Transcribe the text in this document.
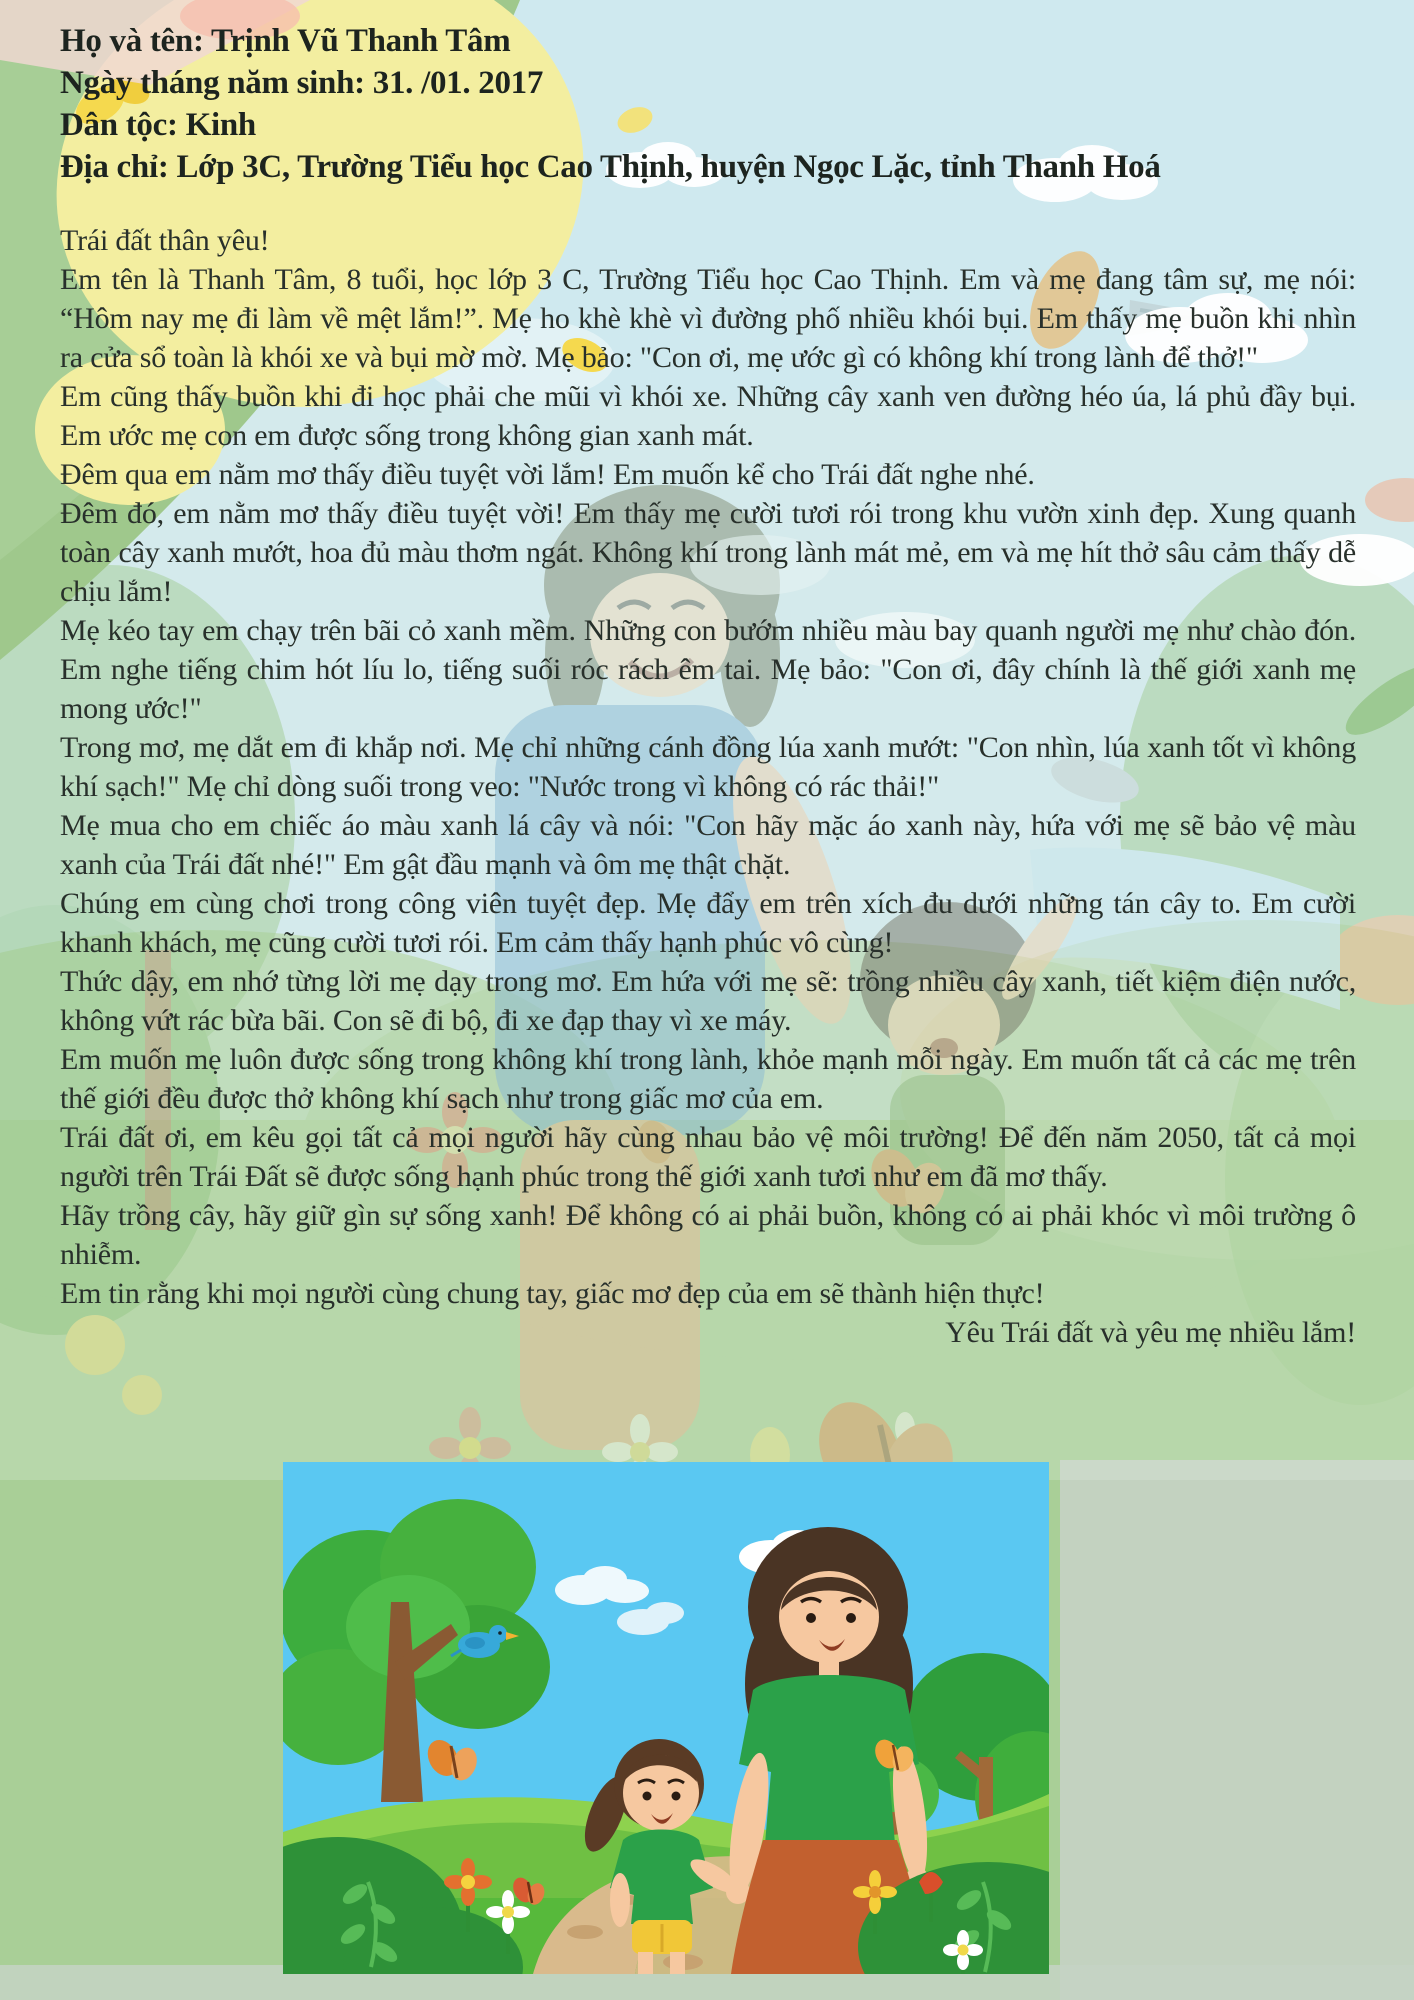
Họ và tên: Trịnh Vũ Thanh Tâm
Ngày tháng năm sinh: 31. /01. 2017
Dân tộc: Kinh
Địa chỉ: Lớp 3C, Trường Tiểu học Cao Thịnh, huyện Ngọc Lặc, tỉnh Thanh Hoá

Trái đất thân yêu!

Em tên là Thanh Tâm, 8 tuổi, học lớp 3 C, Trường Tiểu học Cao Thịnh. Em và mẹ đang tâm sự, mẹ nói: “Hôm nay mẹ đi làm về mệt lắm!”. Mẹ ho khè khè vì đường phố nhiều khói bụi. Em thấy mẹ buồn khi nhìn ra cửa sổ toàn là khói xe và bụi mờ mờ. Mẹ bảo: "Con ơi, mẹ ước gì có không khí trong lành để thở!"

Em cũng thấy buồn khi đi học phải che mũi vì khói xe. Những cây xanh ven đường héo úa, lá phủ đầy bụi. Em ước mẹ con em được sống trong không gian xanh mát.

Đêm qua em nằm mơ thấy điều tuyệt vời lắm! Em muốn kể cho Trái đất nghe nhé.

Đêm đó, em nằm mơ thấy điều tuyệt vời! Em thấy mẹ cười tươi rói trong khu vườn xinh đẹp. Xung quanh toàn cây xanh mướt, hoa đủ màu thơm ngát. Không khí trong lành mát mẻ, em và mẹ hít thở sâu cảm thấy dễ chịu lắm!

Mẹ kéo tay em chạy trên bãi cỏ xanh mềm. Những con bướm nhiều màu bay quanh người mẹ như chào đón. Em nghe tiếng chim hót líu lo, tiếng suối róc rách êm tai. Mẹ bảo: "Con ơi, đây chính là thế giới xanh mẹ mong ước!"

Trong mơ, mẹ dắt em đi khắp nơi. Mẹ chỉ những cánh đồng lúa xanh mướt: "Con nhìn, lúa xanh tốt vì không khí sạch!" Mẹ chỉ dòng suối trong veo: "Nước trong vì không có rác thải!"

Mẹ mua cho em chiếc áo màu xanh lá cây và nói: "Con hãy mặc áo xanh này, hứa với mẹ sẽ bảo vệ màu xanh của Trái đất nhé!" Em gật đầu mạnh và ôm mẹ thật chặt.

Chúng em cùng chơi trong công viên tuyệt đẹp. Mẹ đẩy em trên xích đu dưới những tán cây to. Em cười khanh khách, mẹ cũng cười tươi rói. Em cảm thấy hạnh phúc vô cùng!

Thức dậy, em nhớ từng lời mẹ dạy trong mơ. Em hứa với mẹ sẽ: trồng nhiều cây xanh, tiết kiệm điện nước, không vứt rác bừa bãi. Con sẽ đi bộ, đi xe đạp thay vì xe máy.

Em muốn mẹ luôn được sống trong không khí trong lành, khỏe mạnh mỗi ngày. Em muốn tất cả các mẹ trên thế giới đều được thở không khí sạch như trong giấc mơ của em.

Trái đất ơi, em kêu gọi tất cả mọi người hãy cùng nhau bảo vệ môi trường! Để đến năm 2050, tất cả mọi người trên Trái Đất sẽ được sống hạnh phúc trong thế giới xanh tươi như em đã mơ thấy.

Hãy trồng cây, hãy giữ gìn sự sống xanh! Để không có ai phải buồn, không có ai phải khóc vì môi trường ô nhiễm.

Em tin rằng khi mọi người cùng chung tay, giấc mơ đẹp của em sẽ thành hiện thực!

Yêu Trái đất và yêu mẹ nhiều lắm!
